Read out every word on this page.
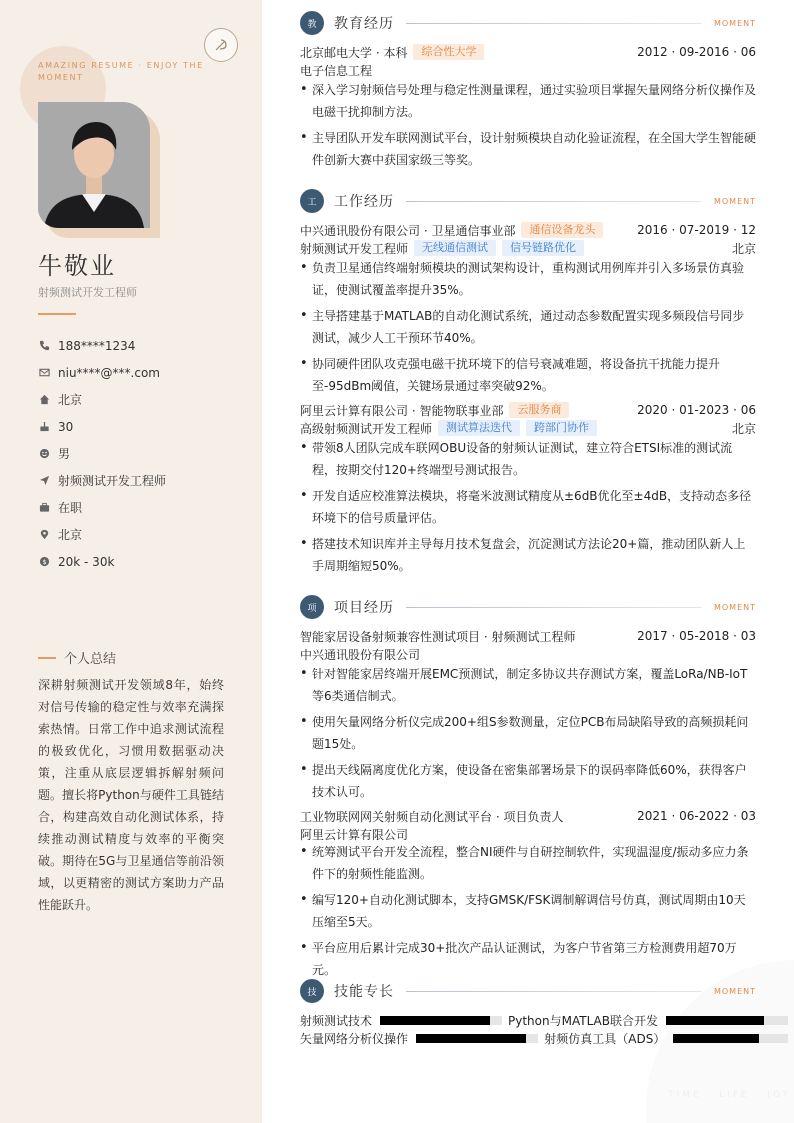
AMAZING RESUME · ENJOY THE MOMENT
牛敬业
射频测试开发工程师
188****1234
niu****@***.com
北京
30
男
射频测试开发工程师
在职
北京
$ 20k - 30k
个人总结
深耕射频测试开发领域8年，始终对信号传输的稳定性与效率充满探索热情。日常工作中追求测试流程的极致优化，习惯用数据驱动决策，注重从底层逻辑拆解射频问题。擅长将Python与硬件工具链结合，构建高效自动化测试体系，持续推动测试精度与效率的平衡突破。期待在5G与卫星通信等前沿领域，以更精密的测试方案助力产品性能跃升。
教	教育经历	MOMENT
北京邮电大学 · 本科	综合性大学	2012 · 09-2016 · 06
电子信息工程
• 深入学习射频信号处理与稳定性测量课程，通过实验项目掌握矢量网络分析仪操作及电磁干扰抑制方法。
• 主导团队开发车联网测试平台，设计射频模块自动化验证流程，在全国大学生智能硬件创新大赛中获国家级三等奖。
工	工作经历	MOMENT
中兴通讯股份有限公司 · 卫星通信事业部	通信设备龙头	2016 · 07-2019 · 12
射频测试开发工程师	无线通信测试	信号链路优化	北京
• 负责卫星通信终端射频模块的测试架构设计，重构测试用例库并引入多场景仿真验证，使测试覆盖率提升35%。
• 主导搭建基于MATLAB的自动化测试系统，通过动态参数配置实现多频段信号同步测试，减少人工干预环节40%。
• 协同硬件团队攻克强电磁干扰环境下的信号衰减难题，将设备抗干扰能力提升至-95dBm阈值，关键场景通过率突破92%。
阿里云计算有限公司 · 智能物联事业部	云服务商	2020 · 01-2023 · 06
高级射频测试开发工程师	测试算法迭代	跨部门协作	北京
• 带领8人团队完成车联网OBU设备的射频认证测试，建立符合ETSI标准的测试流程，按期交付120+终端型号测试报告。
• 开发自适应校准算法模块，将毫米波测试精度从±6dB优化至±4dB，支持动态多径环境下的信号质量评估。
• 搭建技术知识库并主导每月技术复盘会，沉淀测试方法论20+篇，推动团队新人上手周期缩短50%。
项	项目经历	MOMENT
智能家居设备射频兼容性测试项目 · 射频测试工程师	2017 · 05-2018 · 03
中兴通讯股份有限公司
• 针对智能家居终端开展EMC预测试，制定多协议共存测试方案，覆盖LoRa/NB-IoT等6类通信制式。
• 使用矢量网络分析仪完成200+组S参数测量，定位PCB布局缺陷导致的高频损耗问题15处。
• 提出天线隔离度优化方案，使设备在密集部署场景下的误码率降低60%，获得客户技术认可。
工业物联网网关射频自动化测试平台 · 项目负责人	2021 · 06-2022 · 03
阿里云计算有限公司
• 统筹测试平台开发全流程，整合NI硬件与自研控制软件，实现温湿度/振动多应力条件下的射频性能监测。
• 编写120+自动化测试脚本，支持GMSK/FSK调制解调信号仿真，测试周期由10天压缩至5天。
• 平台应用后累计完成30+批次产品认证测试，为客户节省第三方检测费用超70万元。
TIME · LIFE · JOY
技	技能专长	MOMENT
射频测试技术	Python与MATLAB联合开发
矢量网络分析仪操作	射频仿真工具（ADS）
